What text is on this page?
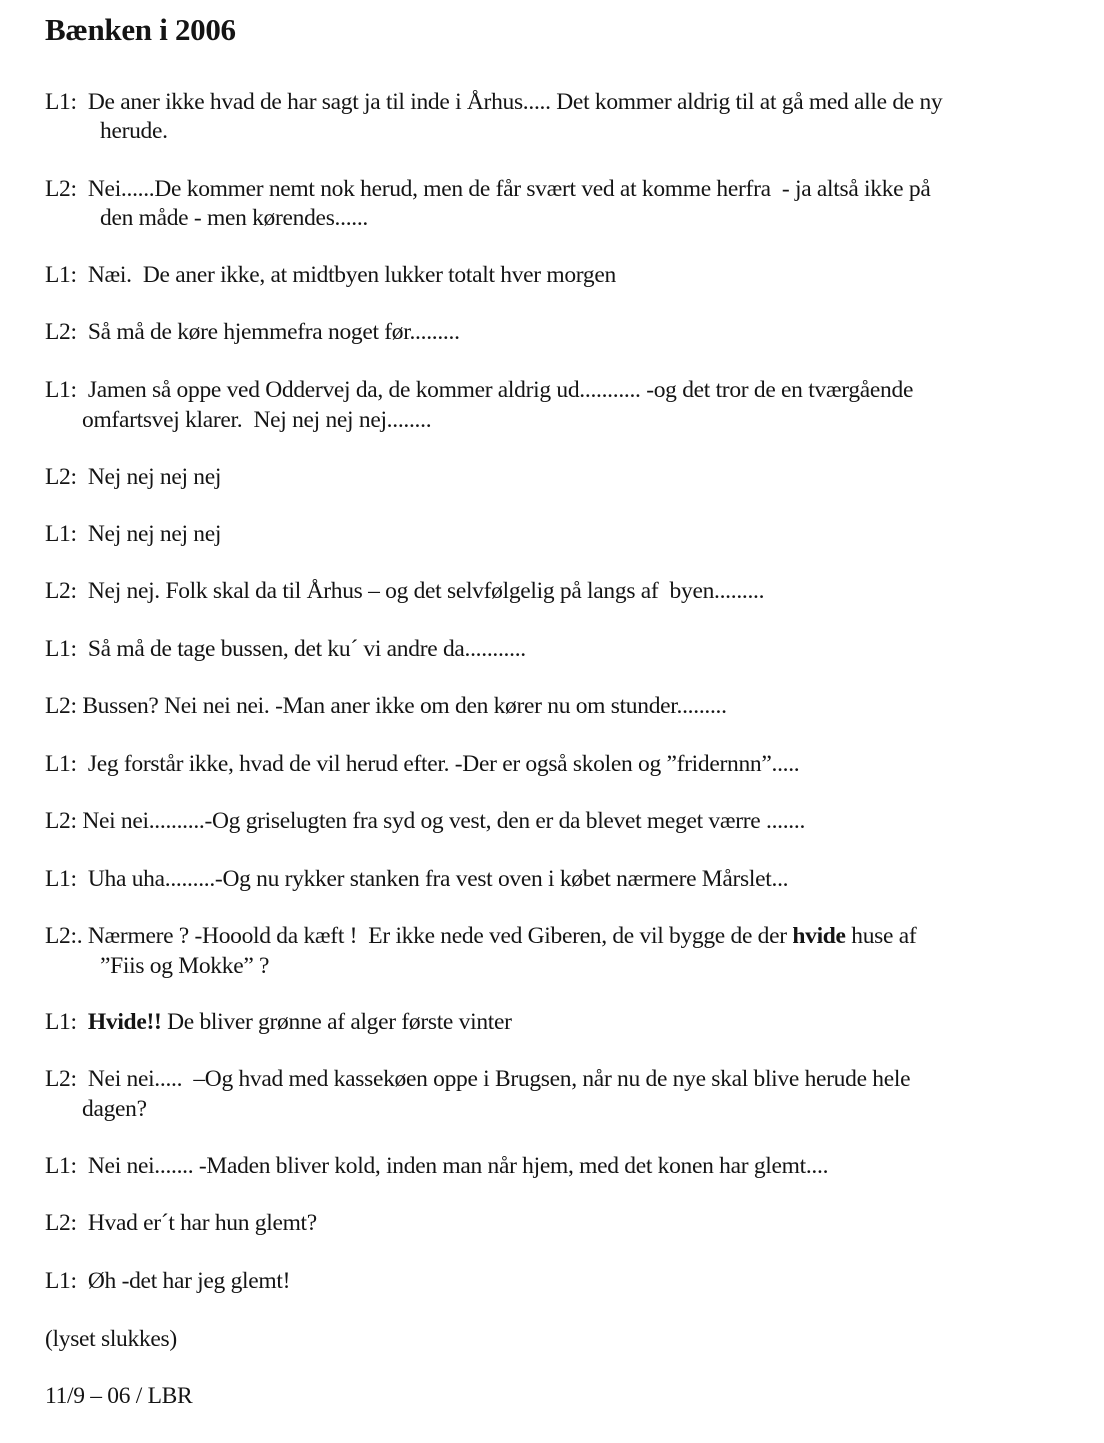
Bænken i 2006
L1: De aner ikke hvad de har sagt ja til inde i Århus..... Det kommer aldrig til at gå med alle de ny
herude.
L2: Nei......De kommer nemt nok herud, men de får svært ved at komme herfra  - ja altså ikke på
den måde - men kørendes......
L1: Næi.  De aner ikke, at midtbyen lukker totalt hver morgen
L2: Så må de køre hjemmefra noget før.........
L1: Jamen så oppe ved Oddervej da, de kommer aldrig ud........... -og det tror de en tværgående
omfartsvej klarer.  Nej nej nej nej........
L2: Nej nej nej nej
L1: Nej nej nej nej
L2: Nej nej. Folk skal da til Århus – og det selvfølgelig på langs af  byen.........
L1: Så må de tage bussen, det ku´ vi andre da...........
L2: Bussen? Nei nei nei. -Man aner ikke om den kører nu om stunder.........
L1: Jeg forstår ikke, hvad de vil herud efter. -Der er også skolen og ”fridernnn”.....
L2: Nei nei..........-Og griselugten fra syd og vest, den er da blevet meget værre .......
L1: Uha uha.........-Og nu rykker stanken fra vest oven i købet nærmere Mårslet...
L2:. Nærmere ? -Hooold da kæft !  Er ikke nede ved Giberen, de vil bygge de der hvide huse af
”Fiis og Mokke” ?
L1: Hvide!! De bliver grønne af alger første vinter
L2: Nei nei.....  –Og hvad med kassekøen oppe i Brugsen, når nu de nye skal blive herude hele
dagen?
L1: Nei nei....... -Maden bliver kold, inden man når hjem, med det konen har glemt....
L2: Hvad er´t har hun glemt?
L1: Øh -det har jeg glemt!
(lyset slukkes)
11/9 – 06 / LBR
